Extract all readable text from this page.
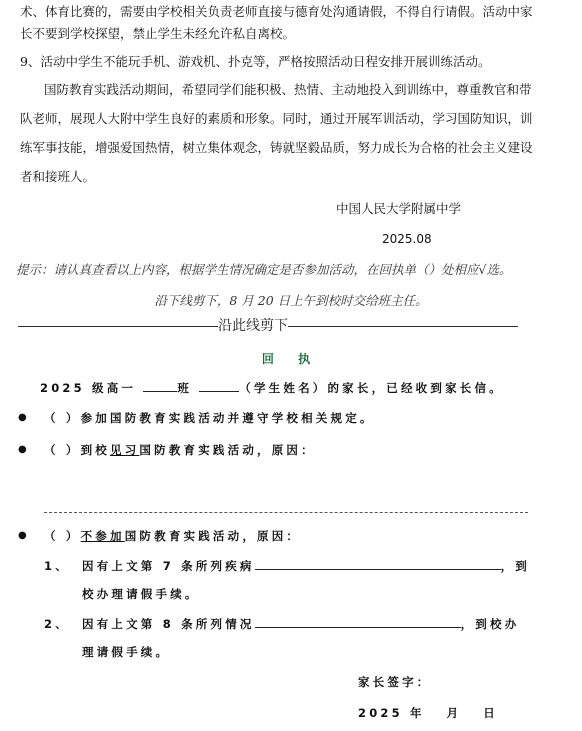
术、体育比赛的，需要由学校相关负责老师直接与德育处沟通请假，不得自行请假。活动中家
长不要到学校探望，禁止学生未经允许私自离校。
9、活动中学生不能玩手机、游戏机、扑克等，严格按照活动日程安排开展训练活动。
国防教育实践活动期间，希望同学们能积极、热情、主动地投入到训练中，尊重教官和带
队老师，展现人大附中学生良好的素质和形象。同时，通过开展军训活动，学习国防知识，训
练军事技能，增强爱国热情，树立集体观念，铸就坚毅品质，努力成长为合格的社会主义建设
者和接班人。
中国人民大学附属中学
2025.08
提示：请认真查看以上内容，根据学生情况确定是否参加活动，在回执单（）处相应√选。
沿下线剪下，8 月 20 日上午到校时交给班主任。
沿此线剪下
回 执
2025 级高一	班	（学生姓名）的家长，已经收到家长信。
● （ ）参加国防教育实践活动并遵守学校相关规定。
● （ ）到校见习国防教育实践活动，原因：
● （ ）不参加国防教育实践活动，原因：
1、 因有上文第 7 条所列疾病	，到
校办理请假手续。
2、 因有上文第 8 条所列情况	，到校办
理请假手续。
家长签字：
2025 年　 月　 日
